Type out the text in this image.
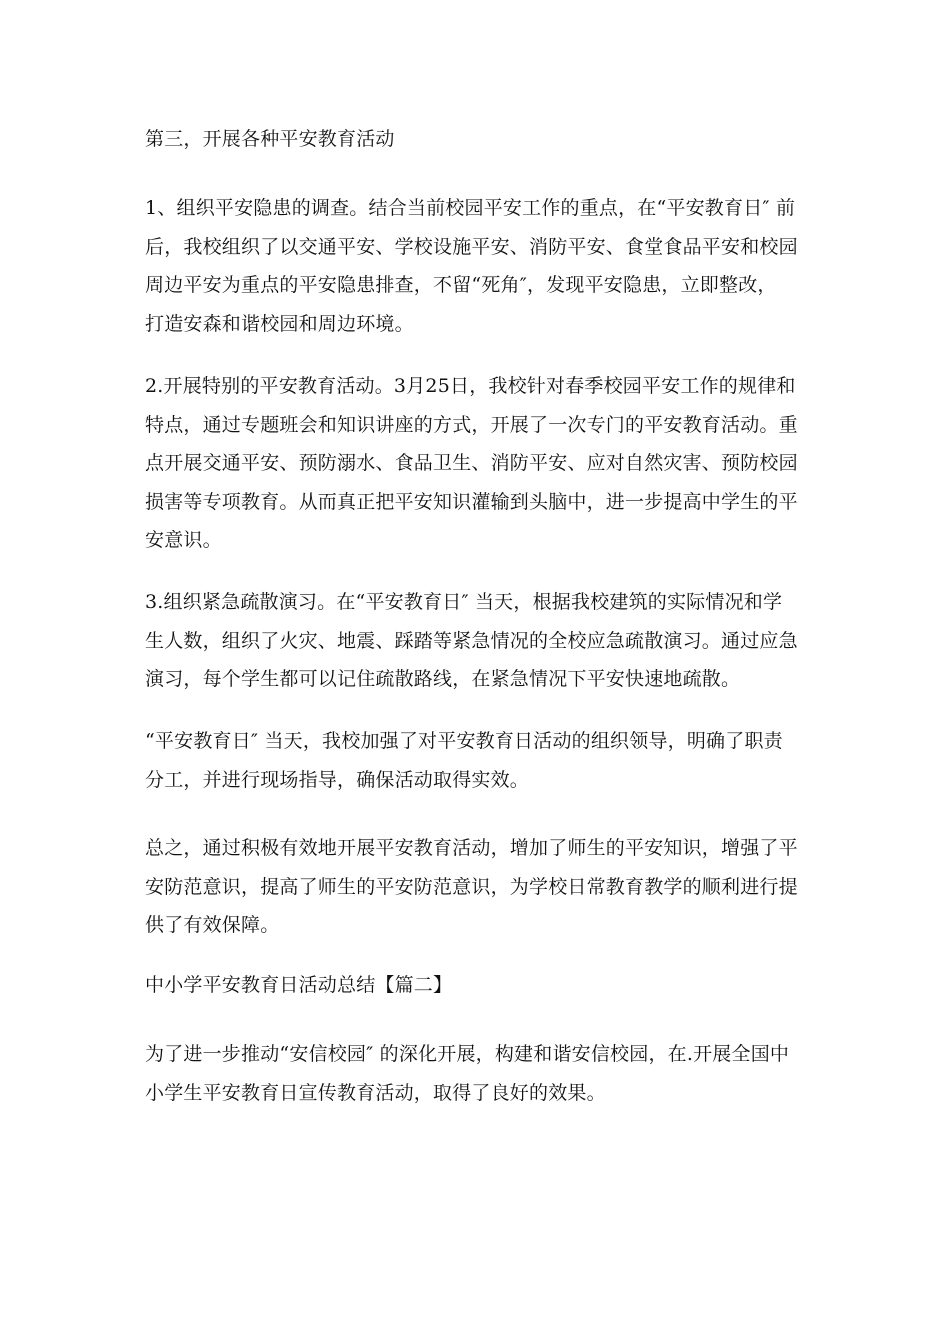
第三，开展各种平安教育活动

1、组织平安隐患的调查。结合当前校园平安工作的重点，在“平安教育日″ 前
后，我校组织了以交通平安、学校设施平安、消防平安、食堂食品平安和校园
周边平安为重点的平安隐患排查，不留“死角″，发现平安隐患，立即整改，
打造安森和谐校园和周边环境。

2.开展特别的平安教育活动。3月25日，我校针对春季校园平安工作的规律和
特点，通过专题班会和知识讲座的方式，开展了一次专门的平安教育活动。重
点开展交通平安、预防溺水、食品卫生、消防平安、应对自然灾害、预防校园
损害等专项教育。从而真正把平安知识灌输到头脑中，进一步提高中学生的平
安意识。

3.组织紧急疏散演习。在“平安教育日″ 当天，根据我校建筑的实际情况和学
生人数，组织了火灾、地震、踩踏等紧急情况的全校应急疏散演习。通过应急
演习，每个学生都可以记住疏散路线，在紧急情况下平安快速地疏散。

“平安教育日″ 当天，我校加强了对平安教育日活动的组织领导，明确了职责
分工，并进行现场指导，确保活动取得实效。

总之，通过积极有效地开展平安教育活动，增加了师生的平安知识，增强了平
安防范意识，提高了师生的平安防范意识，为学校日常教育教学的顺利进行提
供了有效保障。

中小学平安教育日活动总结【篇二】

为了进一步推动“安信校园″ 的深化开展，构建和谐安信校园，在.开展全国中
小学生平安教育日宣传教育活动，取得了良好的效果。
